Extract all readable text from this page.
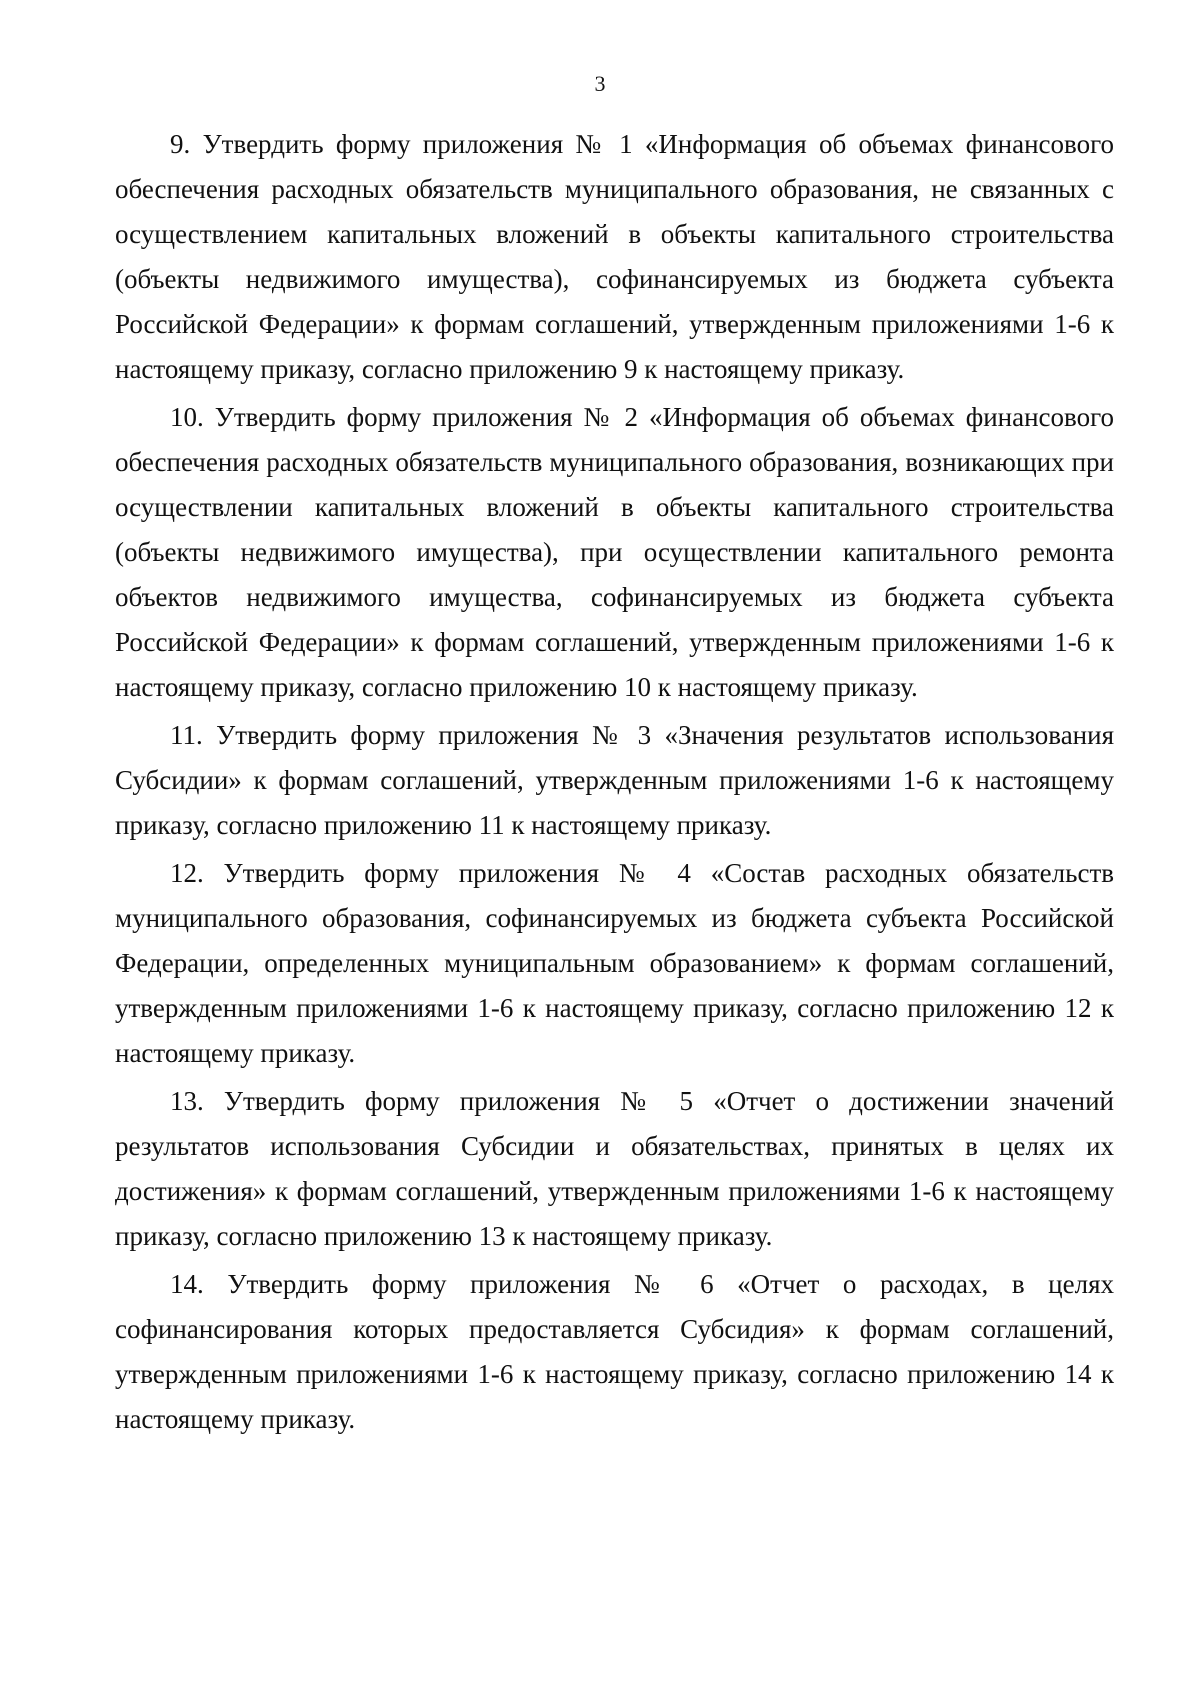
3

9. Утвердить форму приложения № 1 «Информация об объемах финансового обеспечения расходных обязательств муниципального образования, не связанных с осуществлением капитальных вложений в объекты капитального строительства (объекты недвижимого имущества), софинансируемых из бюджета субъекта Российской Федерации» к формам соглашений, утвержденным приложениями 1-6 к настоящему приказу, согласно приложению 9 к настоящему приказу.

10. Утвердить форму приложения № 2 «Информация об объемах финансового обеспечения расходных обязательств муниципального образования, возникающих при осуществлении капитальных вложений в объекты капитального строительства (объекты недвижимого имущества), при осуществлении капитального ремонта объектов недвижимого имущества, софинансируемых из бюджета субъекта Российской Федерации» к формам соглашений, утвержденным приложениями 1-6 к настоящему приказу, согласно приложению 10 к настоящему приказу.

11. Утвердить форму приложения № 3 «Значения результатов использования Субсидии» к формам соглашений, утвержденным приложениями 1-6 к настоящему приказу, согласно приложению 11 к настоящему приказу.

12. Утвердить форму приложения № 4 «Состав расходных обязательств муниципального образования, софинансируемых из бюджета субъекта Российской Федерации, определенных муниципальным образованием» к формам соглашений, утвержденным приложениями 1-6 к настоящему приказу, согласно приложению 12 к настоящему приказу.

13. Утвердить форму приложения № 5 «Отчет о достижении значений результатов использования Субсидии и обязательствах, принятых в целях их достижения» к формам соглашений, утвержденным приложениями 1-6 к настоящему приказу, согласно приложению 13 к настоящему приказу.

14. Утвердить форму приложения № 6 «Отчет о расходах, в целях софинансирования которых предоставляется Субсидия» к формам соглашений, утвержденным приложениями 1-6 к настоящему приказу, согласно приложению 14 к настоящему приказу.
